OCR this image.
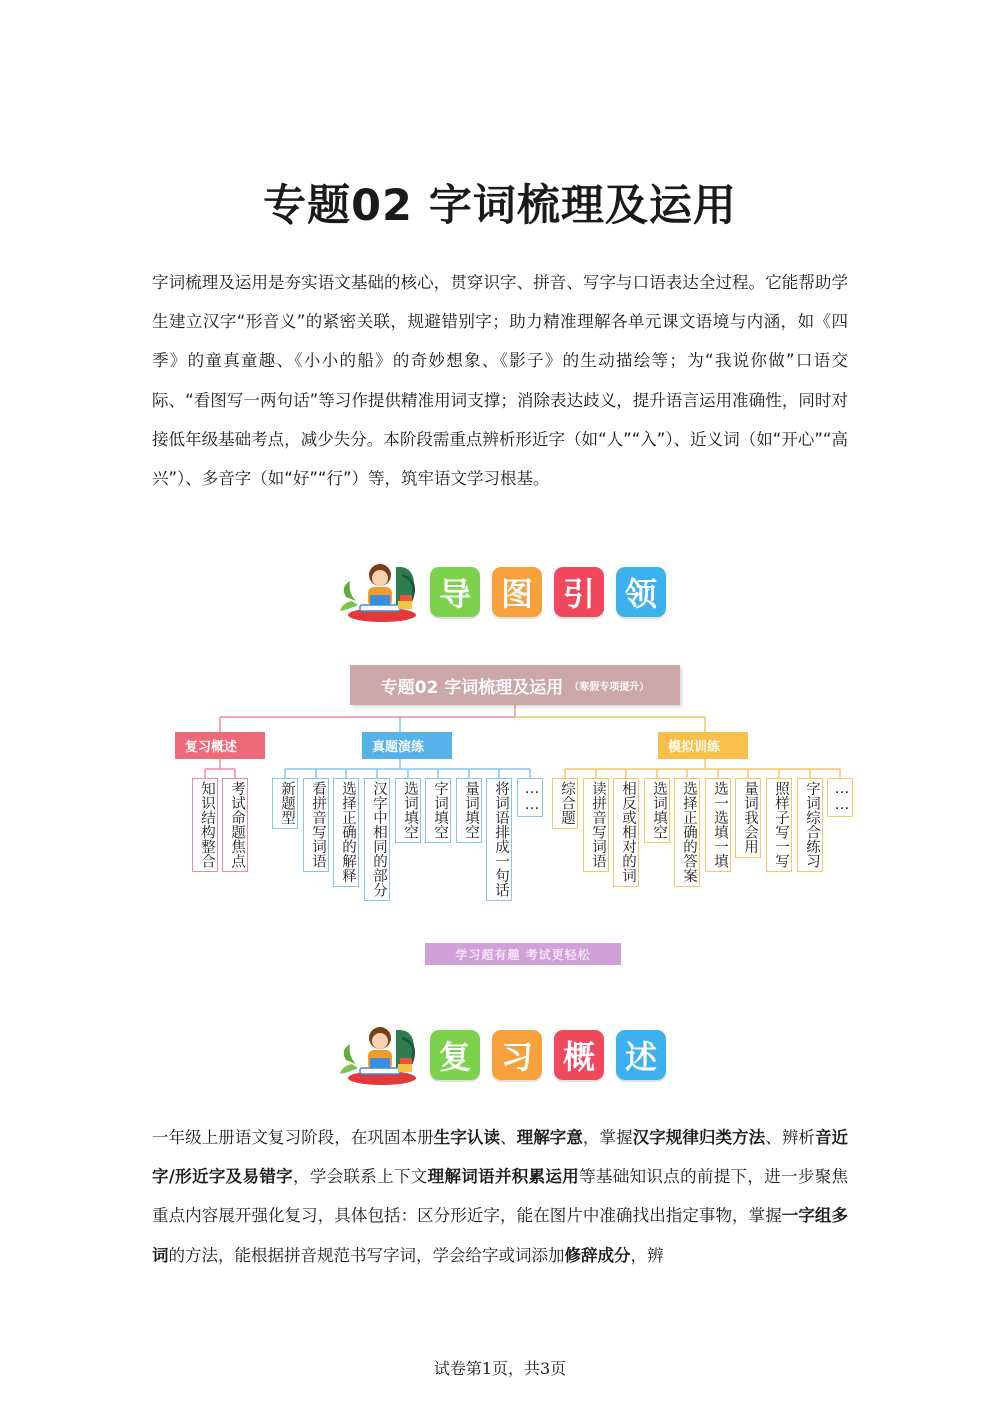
专题02 字词梳理及运用

字词梳理及运用是夯实语文基础的核心，贯穿识字、拼音、写字与口语表达全过程。它能帮助学生建立汉字“形音义”的紧密关联，规避错别字；助力精准理解各单元课文语境与内涵，如《四季》的童真童趣、《小小的船》的奇妙想象、《影子》的生动描绘等；为“我说你做”口语交际、“看图写一两句话”等习作提供精准用词支撑；消除表达歧义，提升语言运用准确性，同时对接低年级基础考点，减少失分。本阶段需重点辨析形近字（如“人”“入”）、近义词（如“开心”“高兴”）、多音字（如“好”“行”）等，筑牢语文学习根基。

导 图 引 领
专题02 字词梳理及运用 （寒假专项提升）
复习概述	真题演练	模拟训练
知识结构整合 考试命题焦点	新题型	看拼音写词语 选择正确的解释	汉字中相同的部分	选词填空 字词填空	量词填空 将词语排成一句话	……	综合题	读拼音写词语 相反或相对的词	选词填空 选择正确的答案	选一选填一填 量词我会用	照样子写一写	字词综合练习 ……
学习超有趣 考试更轻松
复 习 概 述

一年级上册语文复习阶段，在巩固本册生字认读、理解字意，掌握汉字规律归类方法、辨析音近字/形近字及易错字，学会联系上下文理解词语并积累运用等基础知识点的前提下，进一步聚焦重点内容展开强化复习，具体包括：区分形近字，能在图片中准确找出指定事物，掌握一字组多词的方法，能根据拼音规范书写字词，学会给字或词添加修辞成分，辨

试卷第1页，共3页
